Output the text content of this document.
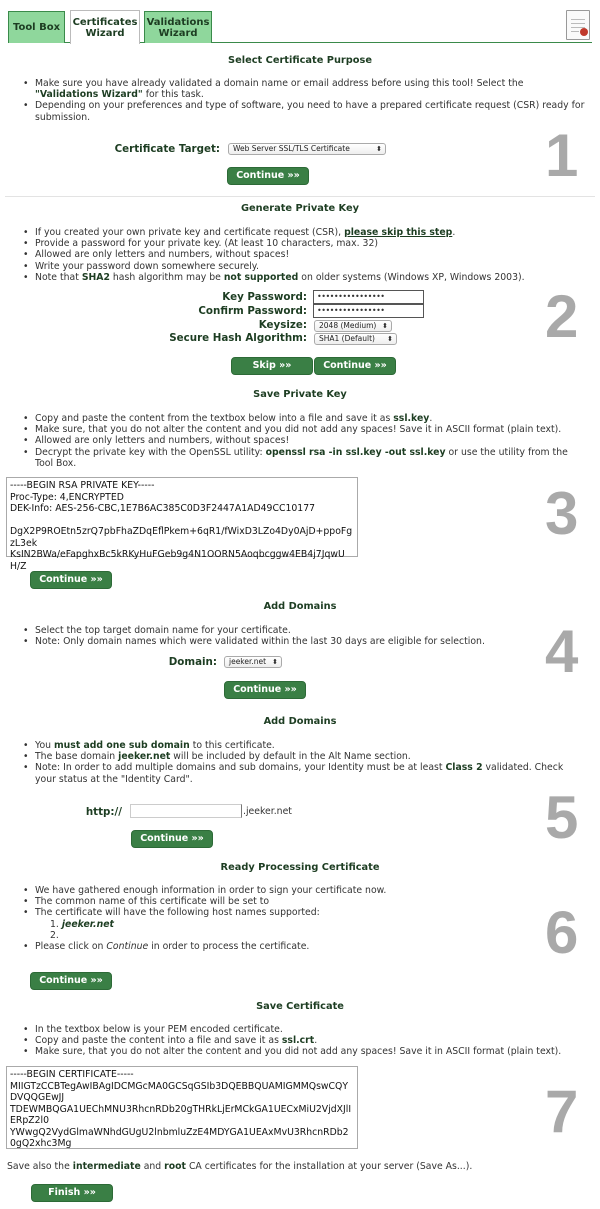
Tool Box	Certificates Wizard
Validations Wizard
Select Certificate Purpose
• Make sure you have already validated a domain name or email address before using this tool! Select the "Validations Wizard" for this task.
• Depending on your preferences and type of software, you need to have a prepared certificate request (CSR) ready for submission.
1
Certificate Target:	Web Server SSL/TLS Certificate ⬍
Continue »»
Generate Private Key
• If you created your own private key and certificate request (CSR), please skip this step.
• Provide a password for your private key. (At least 10 characters, max. 32)
• Allowed are only letters and numbers, without spaces!
• Write your password down somewhere securely.
• Note that SHA2 hash algorithm may be not supported on older systems (Windows XP, Windows 2003).
2
Key Password:	••••••••••••••••
Confirm Password:	••••••••••••••••
Keysize:	2048 (Medium) ⬍
Secure Hash Algorithm:	SHA1 (Default) ⬍
Skip »»	Continue »»
Save Private Key
• Copy and paste the content from the textbox below into a file and save it as ssl.key.
• Make sure, that you do not alter the content and you did not add any spaces! Save it in ASCII format (plain text).
• Allowed are only letters and numbers, without spaces!
• Decrypt the private key with the OpenSSL utility: openssl rsa -in ssl.key -out ssl.key or use the utility from the Tool Box.
3
-----BEGIN RSA PRIVATE KEY-----
Proc-Type: 4,ENCRYPTED
DEK-Info: AES-256-CBC,1E7B6AC385C0D3F2447A1AD49CC10177

DgX2P9ROEtn5zrQ7pbFhaZDqEflPkem+6qR1/fWixD3LZo4Dy0AjD+ppoFgzL3ek
KsIN2BWa/eFapghxBc5kRKyHuFGeb9g4N1OORN5Aoqbcggw4EB4j7JqwUH/Z
Continue »»
Add Domains
• Select the top target domain name for your certificate.
• Note: Only domain names which were validated within the last 30 days are eligible for selection.	4
Domain:	jeeker.net ⬍
Continue »»
Add Domains
• You must add one sub domain to this certificate.
• The base domain jeeker.net will be included by default in the Alt Name section.
• Note: In order to add multiple domains and sub domains, your Identity must be at least Class 2 validated. Check your status at the "Identity Card".
5
http://	.jeeker.net
Continue »»
Ready Processing Certificate
• We have gathered enough information in order to sign your certificate now.
• The common name of this certificate will be set to
• The certificate will have the following host names supported:
1. jeeker.net
2.
• Please click on Continue in order to process the certificate.	6
Continue »»
Save Certificate
• In the textbox below is your PEM encoded certificate.
• Copy and paste the content into a file and save it as ssl.crt.
• Make sure, that you do not alter the content and you did not add any spaces! Save it in ASCII format (plain text).
7
-----BEGIN CERTIFICATE-----
MIIGTzCCBTegAwIBAgIDCMGcMA0GCSqGSIb3DQEBBQUAMIGMMQswCQYDVQQGEwJJ
TDEWMBQGA1UEChMNU3RhcnRDb20gTHRkLjErMCkGA1UECxMiU2VjdXJlIERpZ2l0
YWwgQ2VydGlmaWNhdGUgU2lnbmluZzE4MDYGA1UEAxMvU3RhcnRDb20gQ2xhc3Mg
Save also the intermediate and root CA certificates for the installation at your server (Save As...).
Finish »»
